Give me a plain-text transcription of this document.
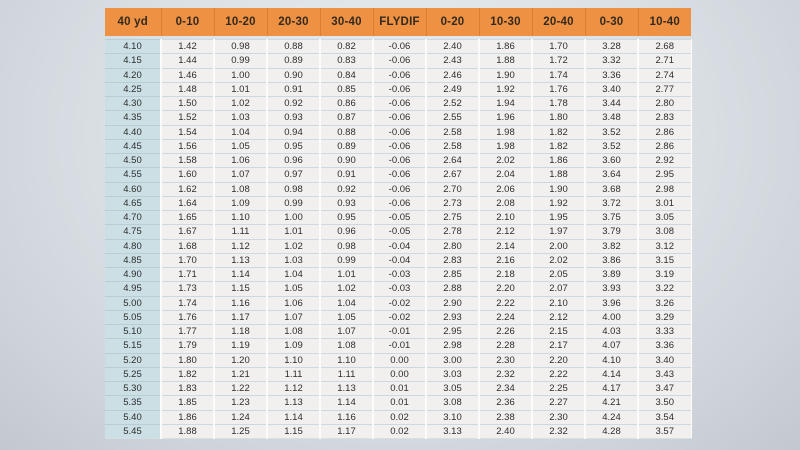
40 yd	0-10	10-20	20-30	30-40	FLYDIF	0-20	10-30	20-40	0-30	10-40

4.10	1.42	0.98	0.88	0.82	-0.06	2.40	1.86	1.70	3.28	2.68
4.15	1.44	0.99	0.89	0.83	-0.06	2.43	1.88	1.72	3.32	2.71
4.20	1.46	1.00	0.90	0.84	-0.06	2.46	1.90	1.74	3.36	2.74
4.25	1.48	1.01	0.91	0.85	-0.06	2.49	1.92	1.76	3.40	2.77
4.30	1.50	1.02	0.92	0.86	-0.06	2.52	1.94	1.78	3.44	2.80
4.35	1.52	1.03	0.93	0.87	-0.06	2.55	1.96	1.80	3.48	2.83
4.40	1.54	1.04	0.94	0.88	-0.06	2.58	1.98	1.82	3.52	2.86
4.45	1.56	1.05	0.95	0.89	-0.06	2.58	1.98	1.82	3.52	2.86
4.50	1.58	1.06	0.96	0.90	-0.06	2.64	2.02	1.86	3.60	2.92
4.55	1.60	1.07	0.97	0.91	-0.06	2.67	2.04	1.88	3.64	2.95
4.60	1.62	1.08	0.98	0.92	-0.06	2.70	2.06	1.90	3.68	2.98
4.65	1.64	1.09	0.99	0.93	-0.06	2.73	2.08	1.92	3.72	3.01
4.70	1.65	1.10	1.00	0.95	-0.05	2.75	2.10	1.95	3.75	3.05
4.75	1.67	1.11	1.01	0.96	-0.05	2.78	2.12	1.97	3.79	3.08
4.80	1.68	1.12	1.02	0.98	-0.04	2.80	2.14	2.00	3.82	3.12
4.85	1.70	1.13	1.03	0.99	-0.04	2.83	2.16	2.02	3.86	3.15
4.90	1.71	1.14	1.04	1.01	-0.03	2.85	2.18	2.05	3.89	3.19
4.95	1.73	1.15	1.05	1.02	-0.03	2.88	2.20	2.07	3.93	3.22
5.00	1.74	1.16	1.06	1.04	-0.02	2.90	2.22	2.10	3.96	3.26
5.05	1.76	1.17	1.07	1.05	-0.02	2.93	2.24	2.12	4.00	3.29
5.10	1.77	1.18	1.08	1.07	-0.01	2.95	2.26	2.15	4.03	3.33
5.15	1.79	1.19	1.09	1.08	-0.01	2.98	2.28	2.17	4.07	3.36
5.20	1.80	1.20	1.10	1.10	0.00	3.00	2.30	2.20	4.10	3.40
5.25	1.82	1.21	1.11	1.11	0.00	3.03	2.32	2.22	4.14	3.43
5.30	1.83	1.22	1.12	1.13	0.01	3.05	2.34	2.25	4.17	3.47
5.35	1.85	1.23	1.13	1.14	0.01	3.08	2.36	2.27	4.21	3.50
5.40	1.86	1.24	1.14	1.16	0.02	3.10	2.38	2.30	4.24	3.54
5.45	1.88	1.25	1.15	1.17	0.02	3.13	2.40	2.32	4.28	3.57
